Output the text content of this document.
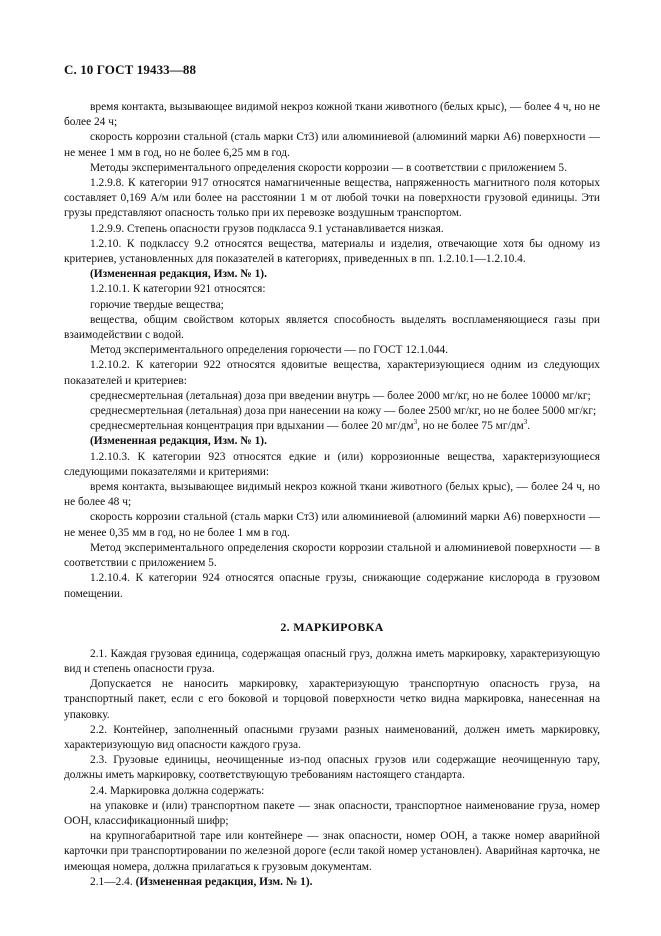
С. 10 ГОСТ 19433—88

время контакта, вызывающее видимой некроз кожной ткани животного (белых крыс), — более 4 ч, но не более 24 ч;

скорость коррозии стальной (сталь марки Ст3) или алюминиевой (алюминий марки А6) поверхности — не менее 1 мм в год, но не более 6,25 мм в год.

Методы экспериментального определения скорости коррозии — в соответствии с приложением 5.

1.2.9.8. К категории 917 относятся намагниченные вещества, напряженность магнитного поля которых составляет 0,169 А/м или более на расстоянии 1 м от любой точки на поверхности грузовой единицы. Эти грузы представляют опасность только при их перевозке воздушным транспортом.

1.2.9.9. Степень опасности грузов подкласса 9.1 устанавливается низкая.

1.2.10. К подклассу 9.2 относятся вещества, материалы и изделия, отвечающие хотя бы одному из критериев, установленных для показателей в категориях, приведенных в пп. 1.2.10.1—1.2.10.4.

(Измененная редакция, Изм. № 1).

1.2.10.1. К категории 921 относятся:

горючие твердые вещества;

вещества, общим свойством которых является способность выделять воспламеняющиеся газы при взаимодействии с водой.

Метод экспериментального определения горючести — по ГОСТ 12.1.044.

1.2.10.2. К категории 922 относятся ядовитые вещества, характеризующиеся одним из следующих показателей и критериев:

среднесмертельная (летальная) доза при введении внутрь — более 2000 мг/кг, но не более 10000 мг/кг;

среднесмертельная (летальная) доза при нанесении на кожу — более 2500 мг/кг, но не более 5000 мг/кг;

среднесмертельная концентрация при вдыхании — более 20 $мг/дм^3$, но не более 75 $мг/дм^3$.

(Измененная редакция, Изм. № 1).

1.2.10.3. К категории 923 относятся едкие и (или) коррозионные вещества, характеризующиеся следующими показателями и критериями:

время контакта, вызывающее видимый некроз кожной ткани животного (белых крыс), — более 24 ч, но не более 48 ч;

скорость коррозии стальной (сталь марки Ст3) или алюминиевой (алюминий марки А6) поверхности — не менее 0,35 мм в год, но не более 1 мм в год.

Метод экспериментального определения скорости коррозии стальной и алюминиевой поверхности — в соответствии с приложением 5.

1.2.10.4. К категории 924 относятся опасные грузы, снижающие содержание кислорода в грузовом помещении.

2. МАРКИРОВКА

2.1. Каждая грузовая единица, содержащая опасный груз, должна иметь маркировку, характеризующую вид и степень опасности груза.

Допускается не наносить маркировку, характеризующую транспортную опасность груза, на транспортный пакет, если с его боковой и торцовой поверхности четко видна маркировка, нанесенная на упаковку.

2.2. Контейнер, заполненный опасными грузами разных наименований, должен иметь маркировку, характеризующую вид опасности каждого груза.

2.3. Грузовые единицы, неочищенные из-под опасных грузов или содержащие неочищенную тару, должны иметь маркировку, соответствующую требованиям настоящего стандарта.

2.4. Маркировка должна содержать:

на упаковке и (или) транспортном пакете — знак опасности, транспортное наименование груза, номер ООН, классификационный шифр;

на крупногабаритной таре или контейнере — знак опасности, номер ООН, а также номер аварийной карточки при транспортировании по железной дороге (если такой номер установлен). Аварийная карточка, не имеющая номера, должна прилагаться к грузовым документам.

2.1—2.4. (Измененная редакция, Изм. № 1).
